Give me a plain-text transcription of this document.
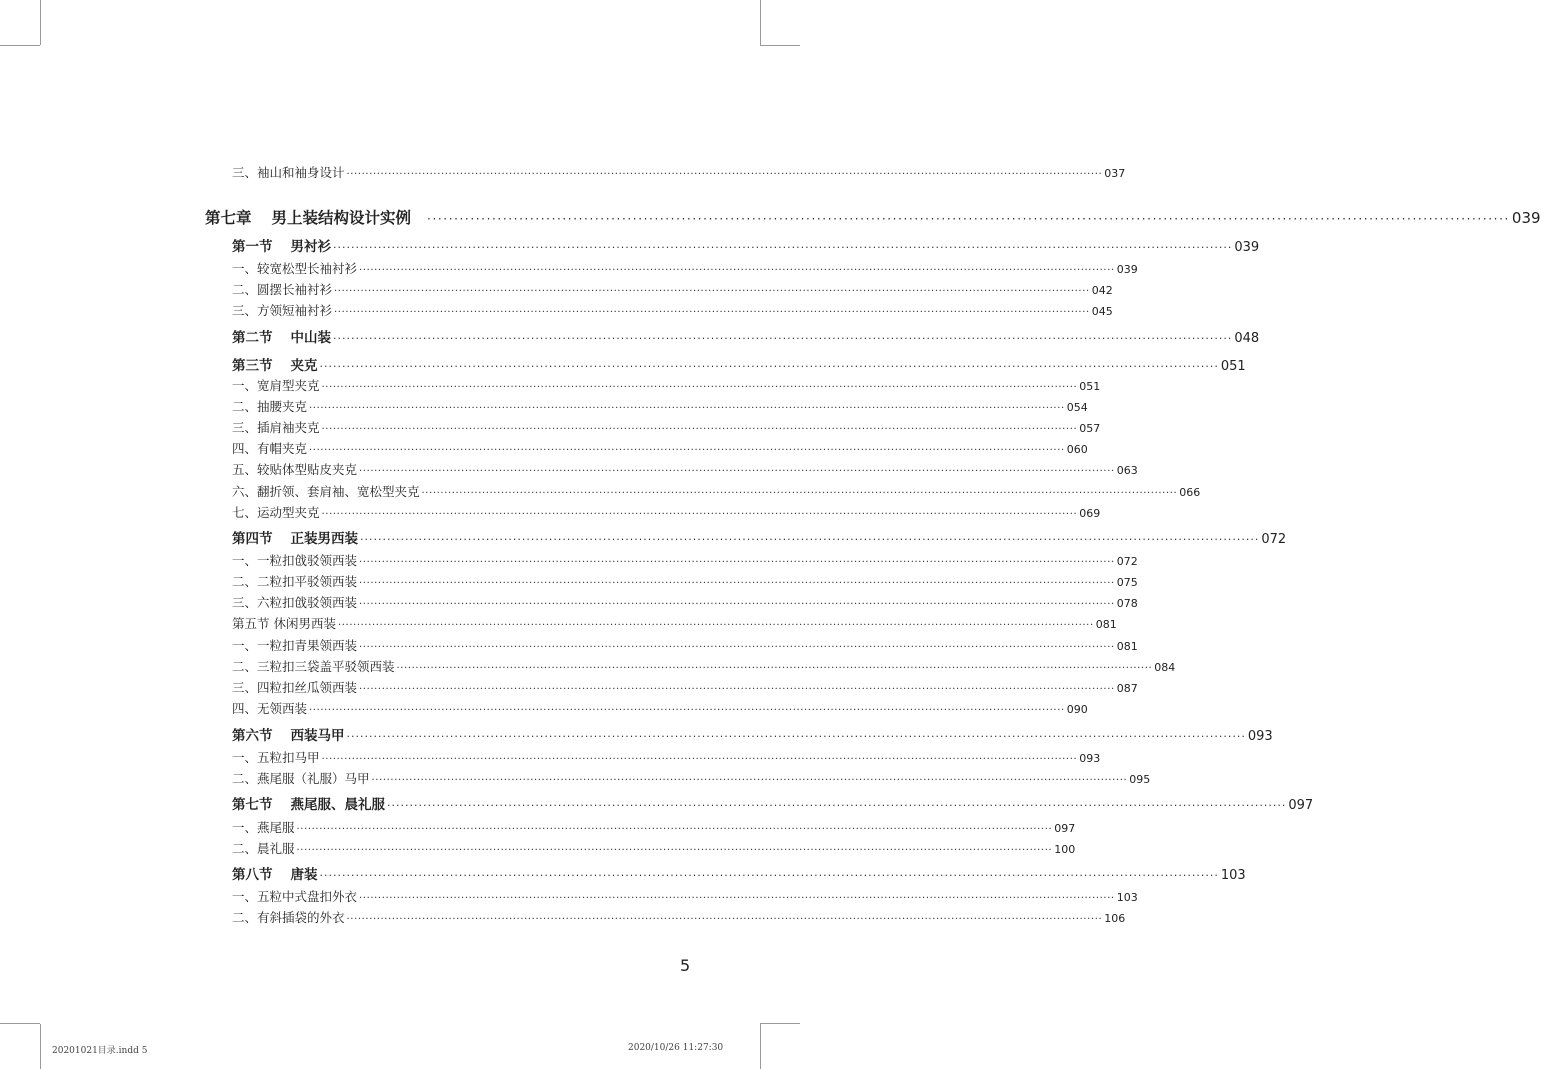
三、袖山和袖身设计 ········································································································································································································ 037
第七章 男上装结构设计实例 ········································································································································································································ 039
第一节 男衬衫 ········································································································································································································ 039
一、较宽松型长袖衬衫 ········································································································································································································ 039
二、圆摆长袖衬衫 ········································································································································································································ 042
三、方领短袖衬衫 ········································································································································································································ 045
第二节 中山装 ········································································································································································································ 048
第三节 夹克 ········································································································································································································ 051
一、宽肩型夹克 ········································································································································································································ 051
二、抽腰夹克 ········································································································································································································ 054
三、插肩袖夹克 ········································································································································································································ 057
四、有帽夹克 ········································································································································································································ 060
五、较贴体型贴皮夹克 ········································································································································································································ 063
六、翻折领、套肩袖、宽松型夹克 ········································································································································································································ 066
七、运动型夹克 ········································································································································································································ 069
第四节 正装男西装 ········································································································································································································ 072
一、一粒扣戗驳领西装 ········································································································································································································ 072
二、二粒扣平驳领西装 ········································································································································································································ 075
三、六粒扣戗驳领西装 ········································································································································································································ 078
第五节 休闲男西装 ········································································································································································································ 081
一、一粒扣青果领西装 ········································································································································································································ 081
二、三粒扣三袋盖平驳领西装 ········································································································································································································ 084
三、四粒扣丝瓜领西装 ········································································································································································································ 087
四、无领西装 ········································································································································································································ 090
第六节 西装马甲 ········································································································································································································ 093
一、五粒扣马甲 ········································································································································································································ 093
二、燕尾服（礼服）马甲 ········································································································································································································ 095
第七节 燕尾服、晨礼服 ········································································································································································································ 097
一、燕尾服 ········································································································································································································ 097
二、晨礼服 ········································································································································································································ 100
第八节 唐装 ········································································································································································································ 103
一、五粒中式盘扣外衣 ········································································································································································································ 103
二、有斜插袋的外衣 ········································································································································································································ 106
5
20201021目录.indd 5	2020/10/26 11:27:30
